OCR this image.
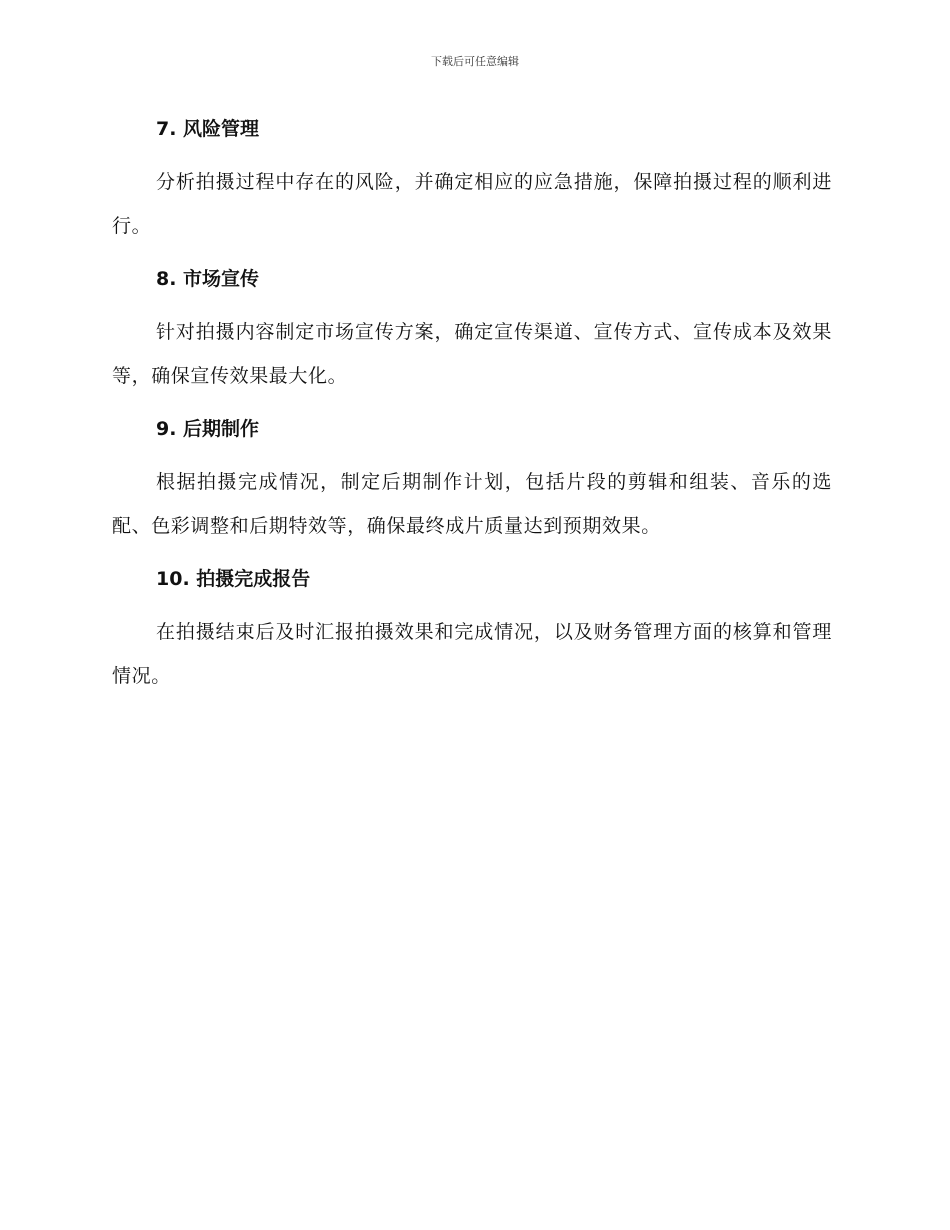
下载后可任意编辑
7. 风险管理

分析拍摄过程中存在的风险，并确定相应的应急措施，保障拍摄过程的顺利进行。

8. 市场宣传

针对拍摄内容制定市场宣传方案，确定宣传渠道、宣传方式、宣传成本及效果等，确保宣传效果最大化。

9. 后期制作

根据拍摄完成情况，制定后期制作计划，包括片段的剪辑和组装、音乐的选配、色彩调整和后期特效等，确保最终成片质量达到预期效果。

10. 拍摄完成报告

在拍摄结束后及时汇报拍摄效果和完成情况，以及财务管理方面的核算和管理情况。
